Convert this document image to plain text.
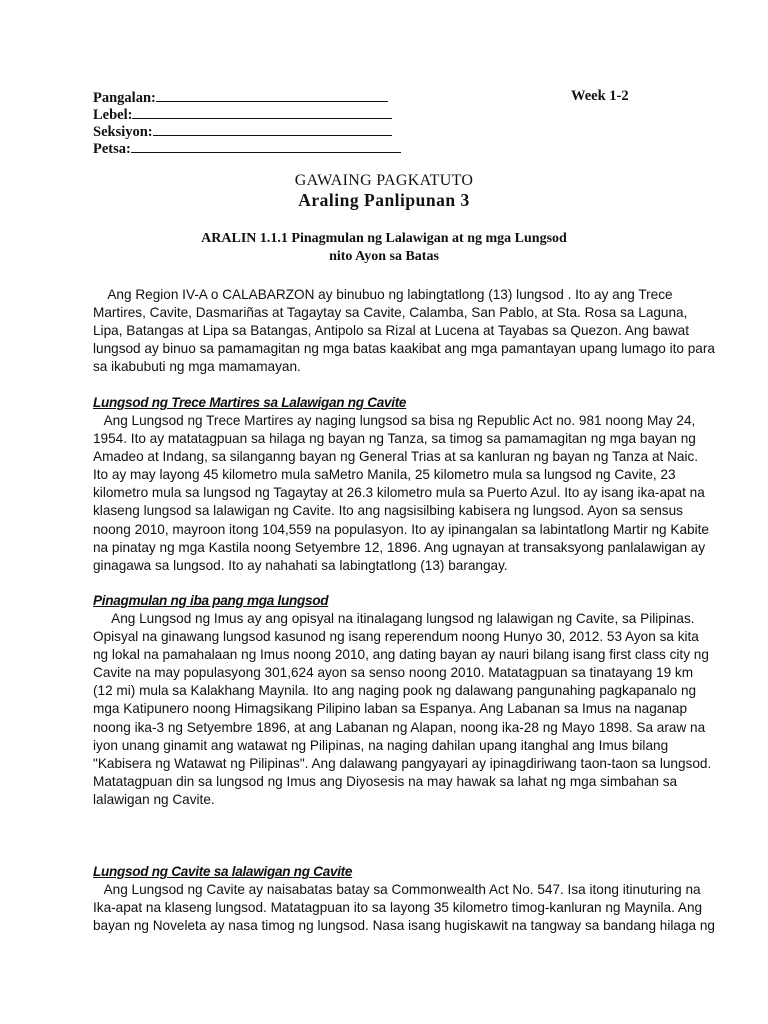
Pangalan:	Week 1-2
Lebel:
Seksiyon:
Petsa:
GAWAING PAGKATUTO
Araling Panlipunan 3
ARALIN 1.1.1 Pinagmulan ng Lalawigan at ng mga Lungsod
nito Ayon sa Batas
Ang Region IV-A o CALABARZON ay binubuo ng labingtatlong (13) lungsod . Ito ay ang Trece
Martires, Cavite, Dasmariñas at Tagaytay sa Cavite, Calamba, San Pablo, at Sta. Rosa sa Laguna,
Lipa, Batangas at Lipa sa Batangas, Antipolo sa Rizal at Lucena at Tayabas sa Quezon. Ang bawat
lungsod ay binuo sa pamamagitan ng mga batas kaakibat ang mga pamantayan upang lumago ito para
sa ikabubuti ng mga mamamayan.
Lungsod ng Trece Martires sa Lalawigan ng Cavite
Ang Lungsod ng Trece Martires ay naging lungsod sa bisa ng Republic Act no. 981 noong May 24,
1954. Ito ay matatagpuan sa hilaga ng bayan ng Tanza, sa timog sa pamamagitan ng mga bayan ng
Amadeo at Indang, sa silanganng bayan ng General Trias at sa kanluran ng bayan ng Tanza at Naic.
Ito ay may layong 45 kilometro mula saMetro Manila, 25 kilometro mula sa lungsod ng Cavite, 23
kilometro mula sa lungsod ng Tagaytay at 26.3 kilometro mula sa Puerto Azul. Ito ay isang ika-apat na
klaseng lungsod sa lalawigan ng Cavite. Ito ang nagsisilbing kabisera ng lungsod. Ayon sa sensus
noong 2010, mayroon itong 104,559 na populasyon. Ito ay ipinangalan sa labintatlong Martir ng Kabite
na pinatay ng mga Kastila noong Setyembre 12, 1896. Ang ugnayan at transaksyong panlalawigan ay
ginagawa sa lungsod. Ito ay nahahati sa labingtatlong (13) barangay.
Pinagmulan ng iba pang mga lungsod
Ang Lungsod ng Imus ay ang opisyal na itinalagang lungsod ng lalawigan ng Cavite, sa Pilipinas.
Opisyal na ginawang lungsod kasunod ng isang reperendum noong Hunyo 30, 2012. 53 Ayon sa kita
ng lokal na pamahalaan ng Imus noong 2010, ang dating bayan ay nauri bilang isang first class city ng
Cavite na may populasyong 301,624 ayon sa senso noong 2010. Matatagpuan sa tinatayang 19 km
(12 mi) mula sa Kalakhang Maynila. Ito ang naging pook ng dalawang pangunahing pagkapanalo ng
mga Katipunero noong Himagsikang Pilipino laban sa Espanya. Ang Labanan sa Imus na naganap
noong ika-3 ng Setyembre 1896, at ang Labanan ng Alapan, noong ika-28 ng Mayo 1898. Sa araw na
iyon unang ginamit ang watawat ng Pilipinas, na naging dahilan upang itanghal ang Imus bilang
"Kabisera ng Watawat ng Pilipinas". Ang dalawang pangyayari ay ipinagdiriwang taon-taon sa lungsod.
Matatagpuan din sa lungsod ng Imus ang Diyosesis na may hawak sa lahat ng mga simbahan sa
lalawigan ng Cavite.
Lungsod ng Cavite sa lalawigan ng Cavite
Ang Lungsod ng Cavite ay naisabatas batay sa Commonwealth Act No. 547. Isa itong itinuturing na
Ika-apat na klaseng lungsod. Matatagpuan ito sa layong 35 kilometro timog-kanluran ng Maynila. Ang
bayan ng Noveleta ay nasa timog ng lungsod. Nasa isang hugiskawit na tangway sa bandang hilaga ng
